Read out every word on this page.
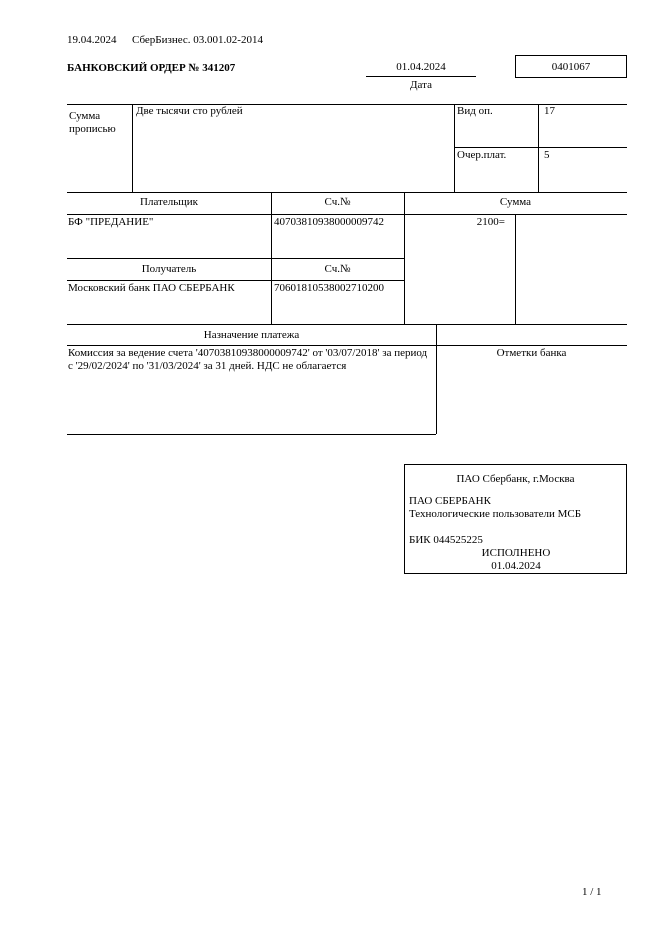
19.04.2024 СберБизнес. 03.001.02-2014
БАНКОВСКИЙ ОРДЕР № 341207	01.04.2024
Дата
0401067
Сумма прописью
Две тысячи сто рублей	Вид оп.	17
Очер.плат.	5
Плательщик	Сч.№	Сумма
БФ "ПРЕДАНИЕ"	40703810938000009742	2100=
Получатель	Сч.№
Московский банк ПАО СБЕРБАНК	70601810538002710200
Назначение платежа
Комиссия за ведение счета '40703810938000009742' от '03/07/2018' за период с '29/02/2024' по '31/03/2024' за 31 дней. НДС не облагается
Отметки банка
ПАО Сбербанк, г.Москва
ПАО СБЕРБАНК
Технологические пользователи МСБ
БИК 044525225
ИСПОЛНЕНО
01.04.2024
1 / 1
